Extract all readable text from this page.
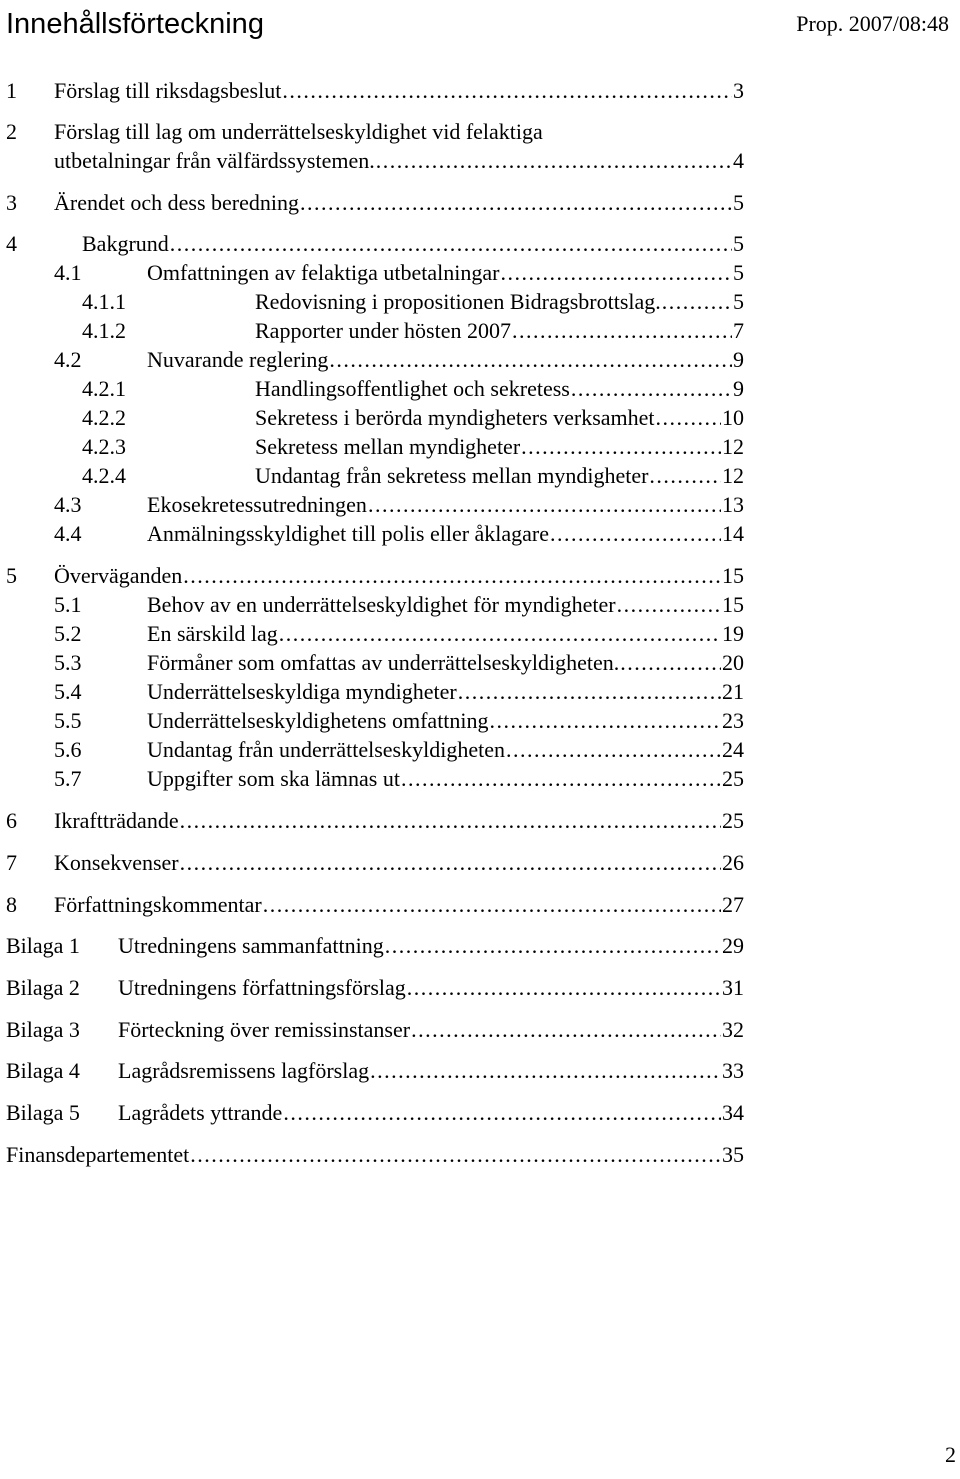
Innehållsförteckning	Prop. 2007/08:48
1 Förslag till riksdagsbeslut . . .	3
2 Förslag till lag om underrättelseskyldighet vid felaktiga
utbetalningar från välfärdssystemen. . . .	4
3 Ärendet och dess beredning . . .	5
4	Bakgrund . . .	5
4.1	Omfattningen av felaktiga utbetalningar . . .	5
4.1.1	Redovisning i propositionen Bidragsbrottslag. . . .	5
4.1.2	Rapporter under hösten 2007 . . .	7
4.2	Nuvarande reglering . . .	9
4.2.1	Handlingsoffentlighet och sekretess . . .	9
4.2.2	Sekretess i berörda myndigheters verksamhet . . .	10
4.2.3	Sekretess mellan myndigheter . . .	12
4.2.4	Undantag från sekretess mellan myndigheter . . .	12
4.3	Ekosekretessutredningen . . .	13
4.4	Anmälningsskyldighet till polis eller åklagare . . .	14
5 Överväganden . . .	15
5.1	Behov av en underrättelseskyldighet för myndigheter . . .	15
5.2	En särskild lag . . .	19
5.3	Förmåner som omfattas av underrättelseskyldigheten. . . .	20
5.4	Underrättelseskyldiga myndigheter . . .	21
5.5	Underrättelseskyldighetens omfattning . . .	23
5.6	Undantag från underrättelseskyldigheten . . .	24
5.7	Uppgifter som ska lämnas ut . . .	25
6 Ikraftträdande . . .	25
7 Konsekvenser . . .	26
8 Författningskommentar . . .	27
Bilaga 1 Utredningens sammanfattning . . .	29
Bilaga 2 Utredningens författningsförslag . . .	31
Bilaga 3 Förteckning över remissinstanser . . .	32
Bilaga 4 Lagrådsremissens lagförslag . . .	33
Bilaga 5 Lagrådets yttrande . . .	34
Finansdepartementet . . .	35
2
